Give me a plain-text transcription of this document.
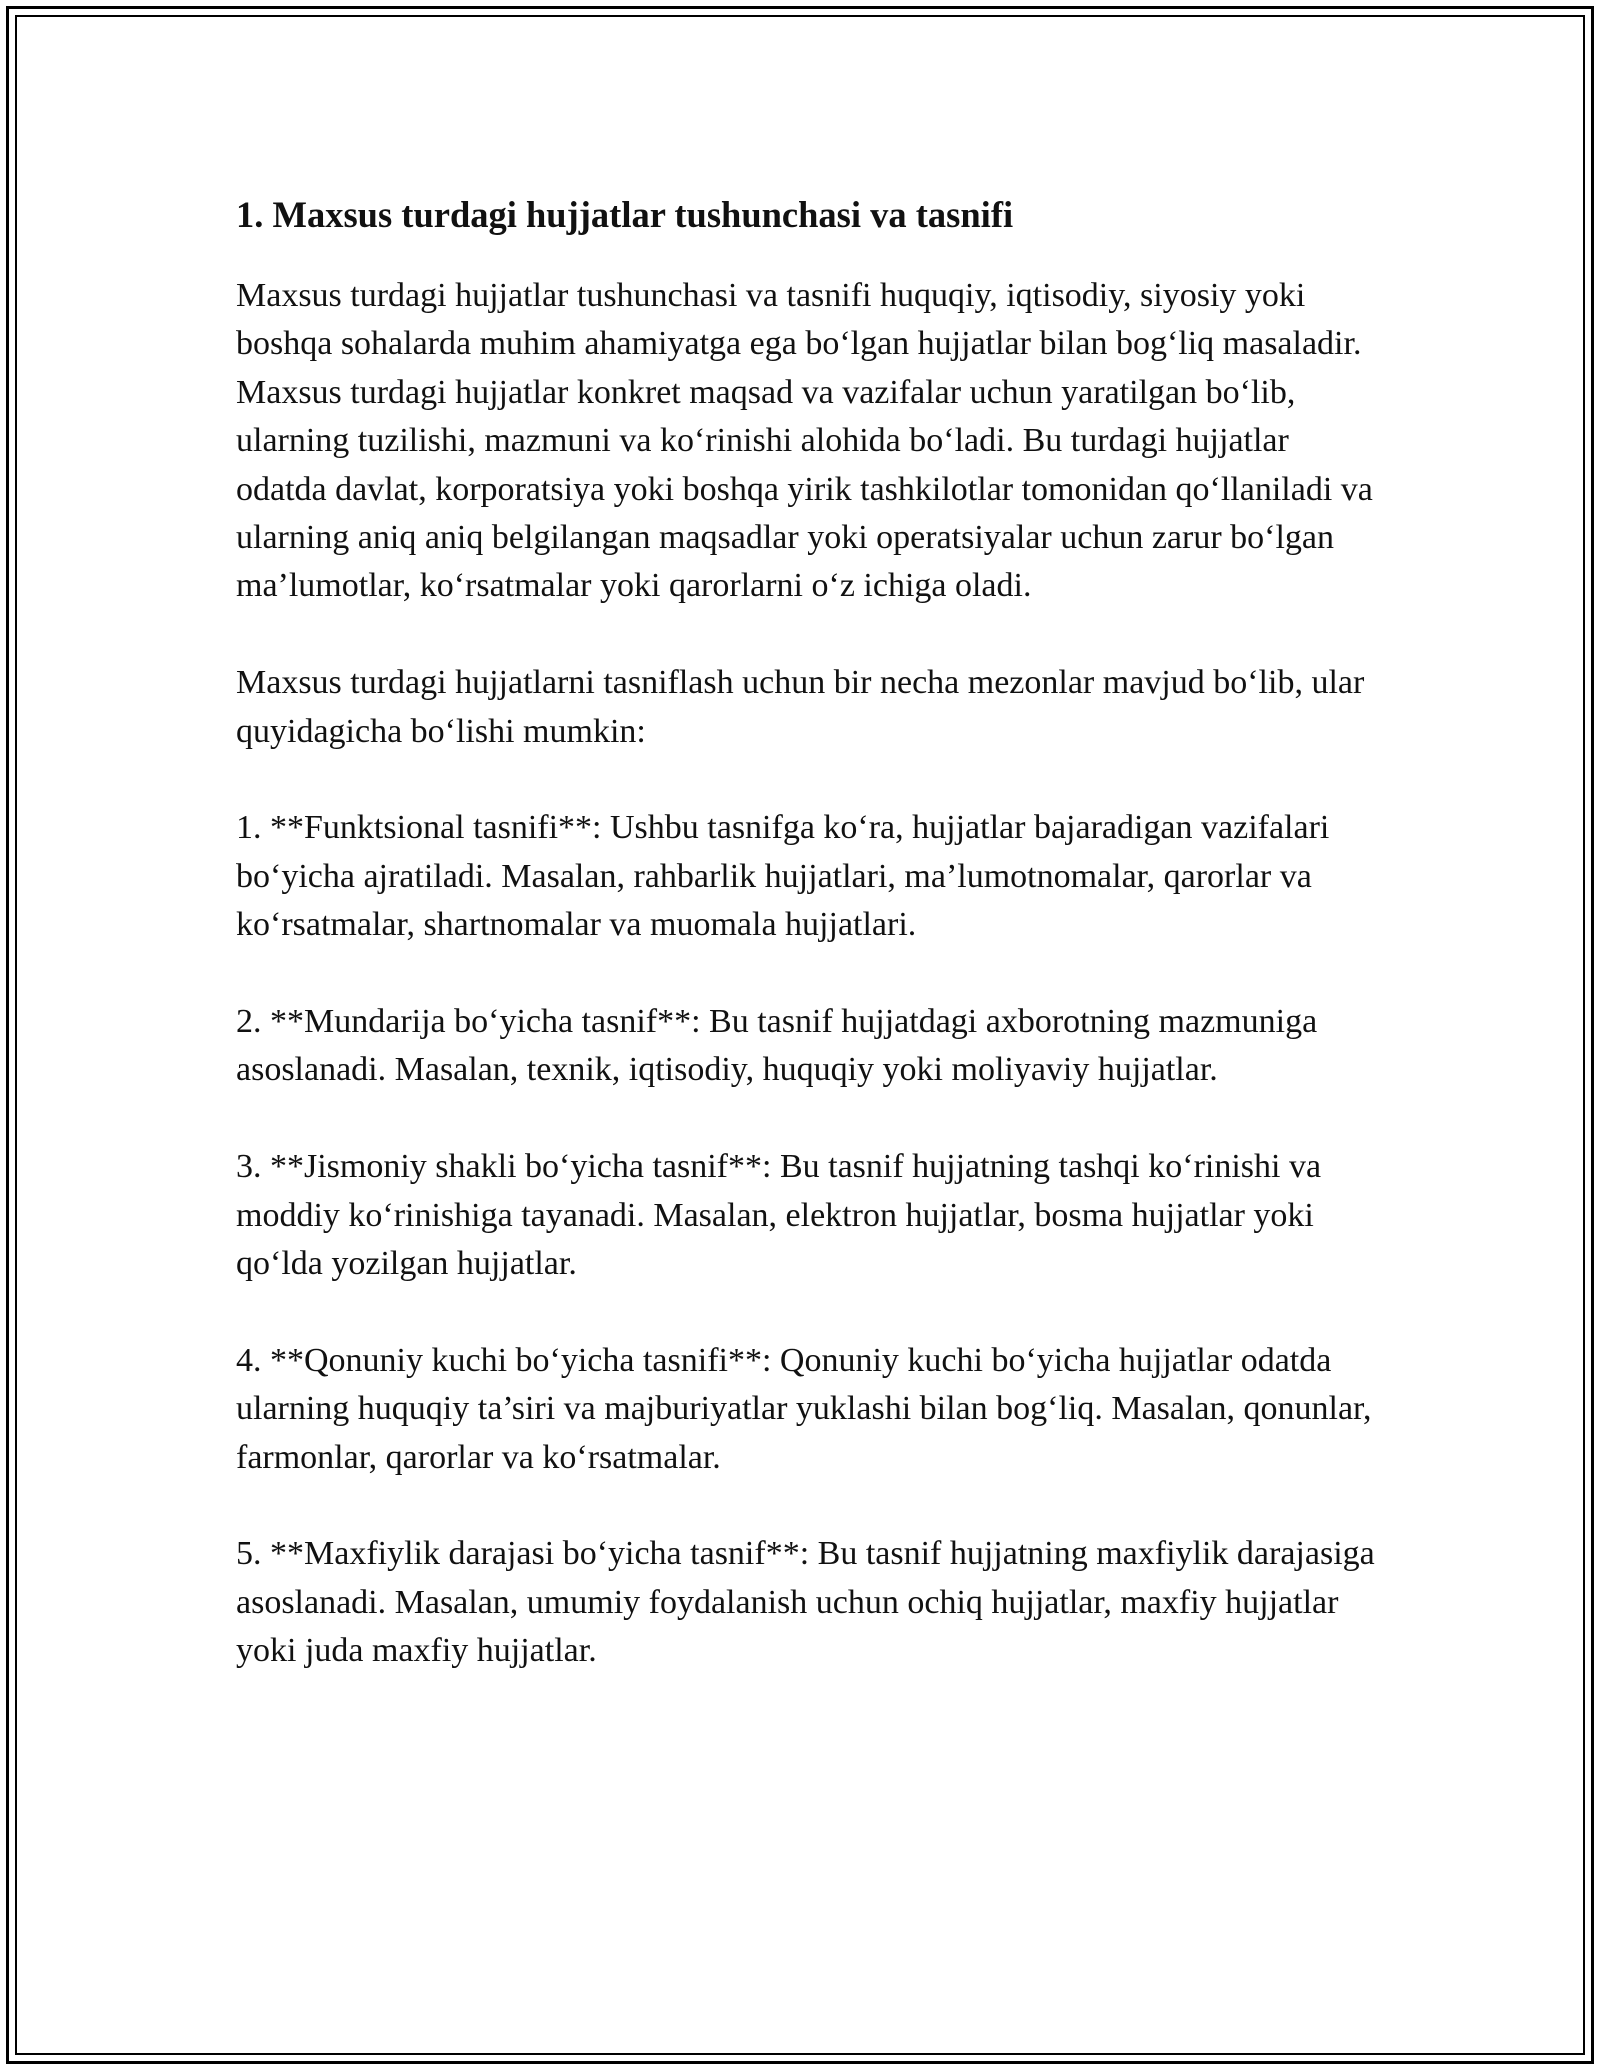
1. Maxsus turdagi hujjatlar tushunchasi va tasnifi

Maxsus turdagi hujjatlar tushunchasi va tasnifi huquqiy, iqtisodiy, siyosiy yoki boshqa sohalarda muhim ahamiyatga ega bo‘lgan hujjatlar bilan bog‘liq masaladir. Maxsus turdagi hujjatlar konkret maqsad va vazifalar uchun yaratilgan bo‘lib, ularning tuzilishi, mazmuni va ko‘rinishi alohida bo‘ladi. Bu turdagi hujjatlar odatda davlat, korporatsiya yoki boshqa yirik tashkilotlar tomonidan qo‘llaniladi va ularning aniq aniq belgilangan maqsadlar yoki operatsiyalar uchun zarur bo‘lgan ma’lumotlar, ko‘rsatmalar yoki qarorlarni o‘z ichiga oladi.

Maxsus turdagi hujjatlarni tasniflash uchun bir necha mezonlar mavjud bo‘lib, ular quyidagicha bo‘lishi mumkin:

1. **Funktsional tasnifi**: Ushbu tasnifga ko‘ra, hujjatlar bajaradigan vazifalari bo‘yicha ajratiladi. Masalan, rahbarlik hujjatlari, ma’lumotnomalar, qarorlar va ko‘rsatmalar, shartnomalar va muomala hujjatlari.
2. **Mundarija bo‘yicha tasnif**: Bu tasnif hujjatdagi axborotning mazmuniga asoslanadi. Masalan, texnik, iqtisodiy, huquqiy yoki moliyaviy hujjatlar.
3. **Jismoniy shakli bo‘yicha tasnif**: Bu tasnif hujjatning tashqi ko‘rinishi va moddiy ko‘rinishiga tayanadi. Masalan, elektron hujjatlar, bosma hujjatlar yoki qo‘lda yozilgan hujjatlar.
4. **Qonuniy kuchi bo‘yicha tasnifi**: Qonuniy kuchi bo‘yicha hujjatlar odatda ularning huquqiy ta’siri va majburiyatlar yuklashi bilan bog‘liq. Masalan, qonunlar, farmonlar, qarorlar va ko‘rsatmalar.
5. **Maxfiylik darajasi bo‘yicha tasnif**: Bu tasnif hujjatning maxfiylik darajasiga asoslanadi. Masalan, umumiy foydalanish uchun ochiq hujjatlar, maxfiy hujjatlar yoki juda maxfiy hujjatlar.
